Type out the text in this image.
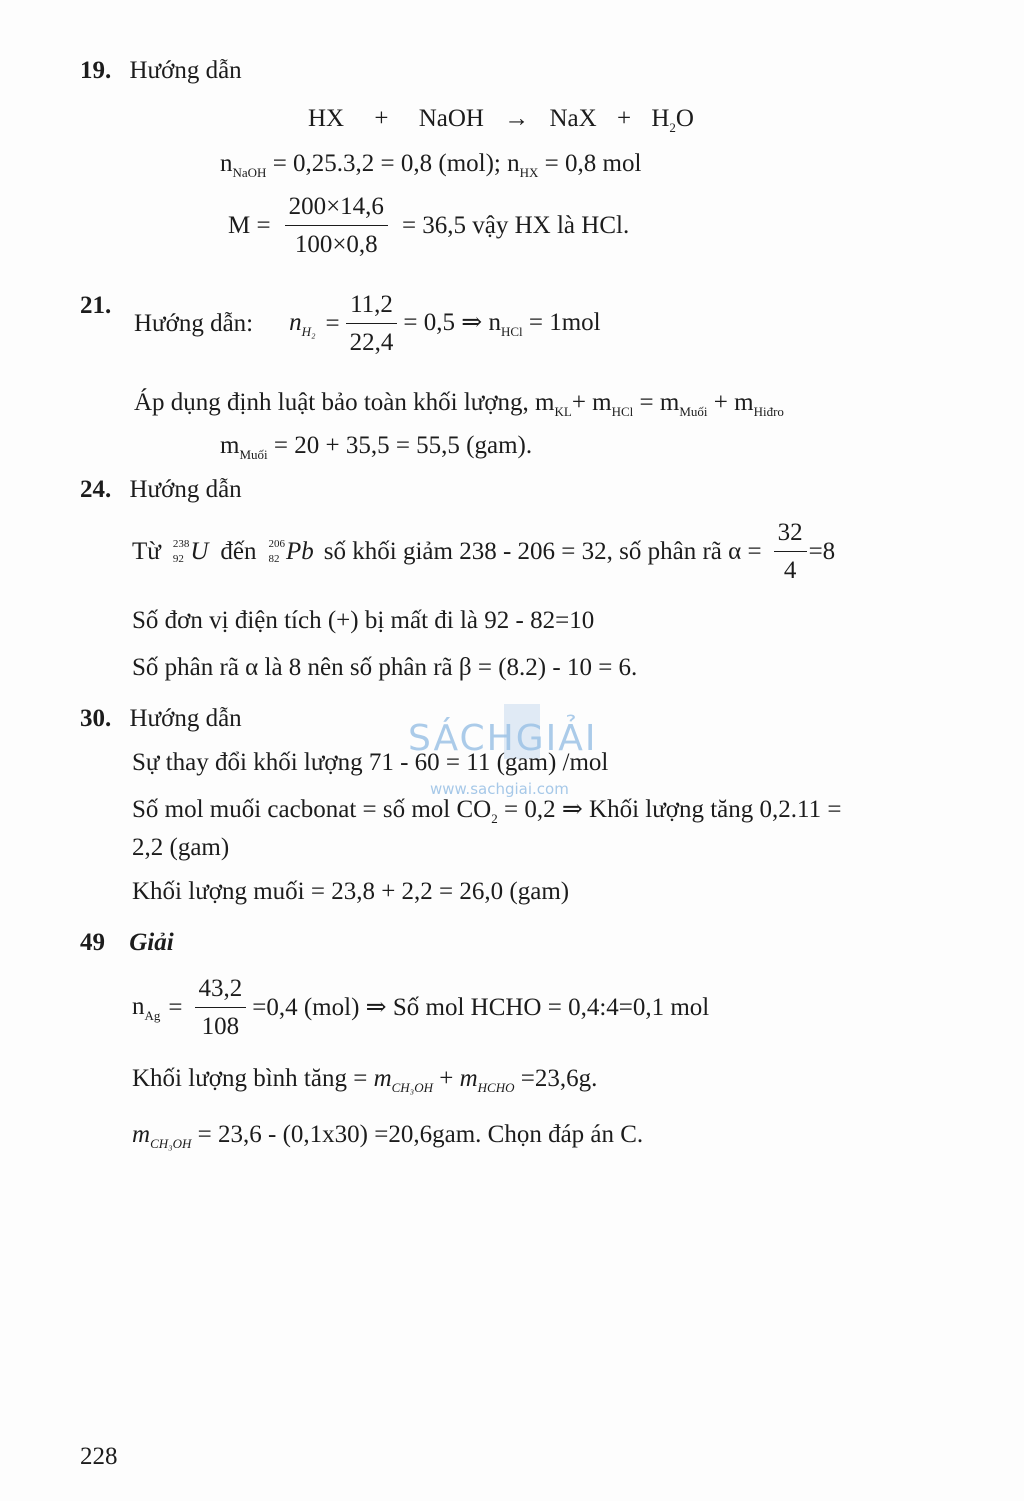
19. Hướng dẫn
HX + NaOH → NaX + $H_2O$
$n_{NaOH} = 0,25.3,2 = 0,8$ (mol); $n_{HX} = 0,8$ mol
$M = \frac{200\times 14,6}{100\times 0,8} = 36,5$ vậy HX là HCl.
21.
Hướng dẫn: $n_{H_2} = \frac{11,2}{22,4} = 0,5$ ⇒ $n_{HCl} = 1mol$
Áp dụng định luật bảo toàn khối lượng, $m_{KL}+ m_{HCl} = m_{Muối} + m_{Hiđro}$
$m_{Muối} = 20 + 35,5 = 55,5$ (gam).
24. Hướng dẫn
Từ 238
92 U đến 206
82 Pb số khối giảm 238 - 206 = 32, số phân rã $\alpha = \frac{32}{4} =8$
Số đơn vị điện tích (+) bị mất đi là 92 - 82=10
Số phân rã α là 8 nên số phân rã β = (8.2) - 10 = 6.
SÁCHGIẢI
www.sachgiai.com
30. Hướng dẫn
Sự thay đổi khối lượng 71 - 60 = 11 (gam) /mol
Số mol muối cacbonat = số mol $CO_2 = 0,2$ ⇒ Khối lượng tăng 0,2.11 =
2,2 (gam)
Khối lượng muối = 23,8 + 2,2 = 26,0 (gam)
49 Giải
$n_{Ag} = \frac{43,2}{108} =0,4$ (mol) ⇒ Số mol HCHO = 0,4:4=0,1 mol
Khối lượng bình tăng = $m_{CH_3OH} + m_{HCHO} =23,6g$.
$m_{CH_3OH} = 23,6 - (0,1x30) =20,6gam$. Chọn đáp án C.
228
